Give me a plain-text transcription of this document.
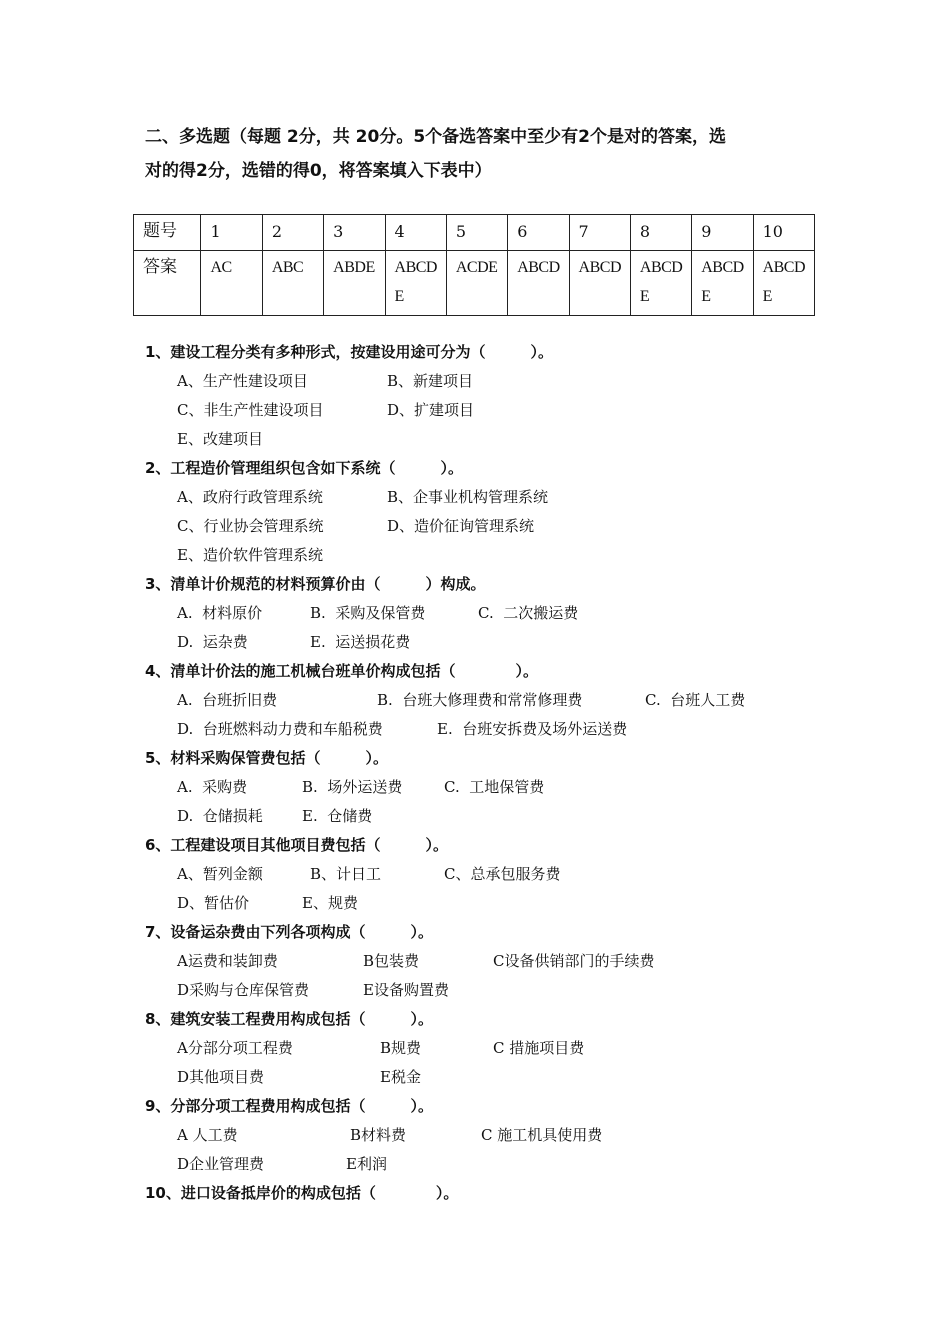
二、多选题（每题 2分，共 20分。5个备选答案中至少有2个是对的答案，选
对的得2分，选错的得0，将答案填入下表中）
题号	1	2	3	4	5	6	7	8	9	10
答案	AC	ABC	ABDE	ABCDE	ACDE	ABCD	ABCD	ABCDE	ABCDE	ABCDE
1、建设工程分类有多种形式，按建设用途可分为（　　　）。
A、生产性建设项目	B、新建项目
C、非生产性建设项目	D、扩建项目
E、改建项目
2、工程造价管理组织包含如下系统（　　　）。
A、政府行政管理系统	B、企事业机构管理系统
C、行业协会管理系统	D、造价征询管理系统
E、造价软件管理系统
3、清单计价规范的材料预算价由（　　　）构成。
A.  材料原价	B.  采购及保管费	C.  二次搬运费
D.  运杂费	E.  运送损花费
4、清单计价法的施工机械台班单价构成包括（　　　　）。
A.  台班折旧费	B.  台班大修理费和常常修理费	C.  台班人工费
D.  台班燃料动力费和车船税费	E.  台班安拆费及场外运送费
5、材料采购保管费包括（　　　）。
A.  采购费	B.  场外运送费	C.  工地保管费
D.  仓储损耗	E.  仓储费
6、工程建设项目其他项目费包括（　　　）。
A、暂列金额	B、计日工	C、总承包服务费
D、暂估价	E、规费
7、设备运杂费由下列各项构成（　　　）。
A运费和装卸费	B包装费	C设备供销部门的手续费
D采购与仓库保管费	E设备购置费
8、建筑安装工程费用构成包括（　　　）。
A分部分项工程费	B规费	C 措施项目费
D其他项目费	E税金
9、分部分项工程费用构成包括（　　　）。
A 人工费	B材料费	C 施工机具使用费
D企业管理费	E利润
10、进口设备抵岸价的构成包括（　　　　）。
